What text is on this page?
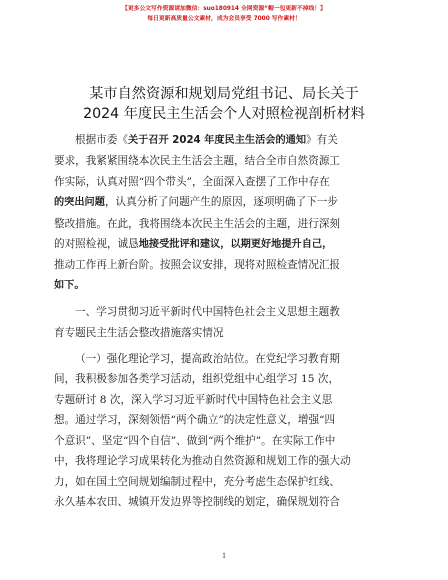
【更多公文写作资源请加微信：suo180914 全网资源“帽一包更新不掉线！】
每日更新高质量公文素材，成为会员享受 7000 写作素材！
某市自然资源和规划局党组书记、局长关于
2024 年度民主生活会个人对照检视剖析材料
根据市委《关于召开 2024 年度民主生活会的通知》有关
要求，我紧紧围绕本次民主生活会主题，结合全市自然资源工
作实际，认真对照“四个带头”，全面深入查摆了工作中存在
的突出问题，认真分析了问题产生的原因，逐项明确了下一步
整改措施。在此，我将围绕本次民主生活会的主题，进行深刻
的对照检视，诚恳地接受批评和建议，以期更好地提升自己，
推动工作再上新台阶。按照会议安排，现将对照检查情况汇报
如下。
一、学习贯彻习近平新时代中国特色社会主义思想主题教
育专题民主生活会整改措施落实情况
（一）强化理论学习，提高政治站位。在党纪学习教育期
间，我积极参加各类学习活动，组织党组中心组学习 15 次，
专题研讨 8 次，深入学习习近平新时代中国特色社会主义思
想。通过学习，深刻领悟“两个确立”的决定性意义，增强“四
个意识”、坚定“四个自信”、做到“两个维护”。在实际工作中
中，我将理论学习成果转化为推动自然资源和规划工作的强大动
力，如在国土空间规划编制过程中，充分考虑生态保护红线、
永久基本农田、城镇开发边界等控制线的划定，确保规划符合
1
